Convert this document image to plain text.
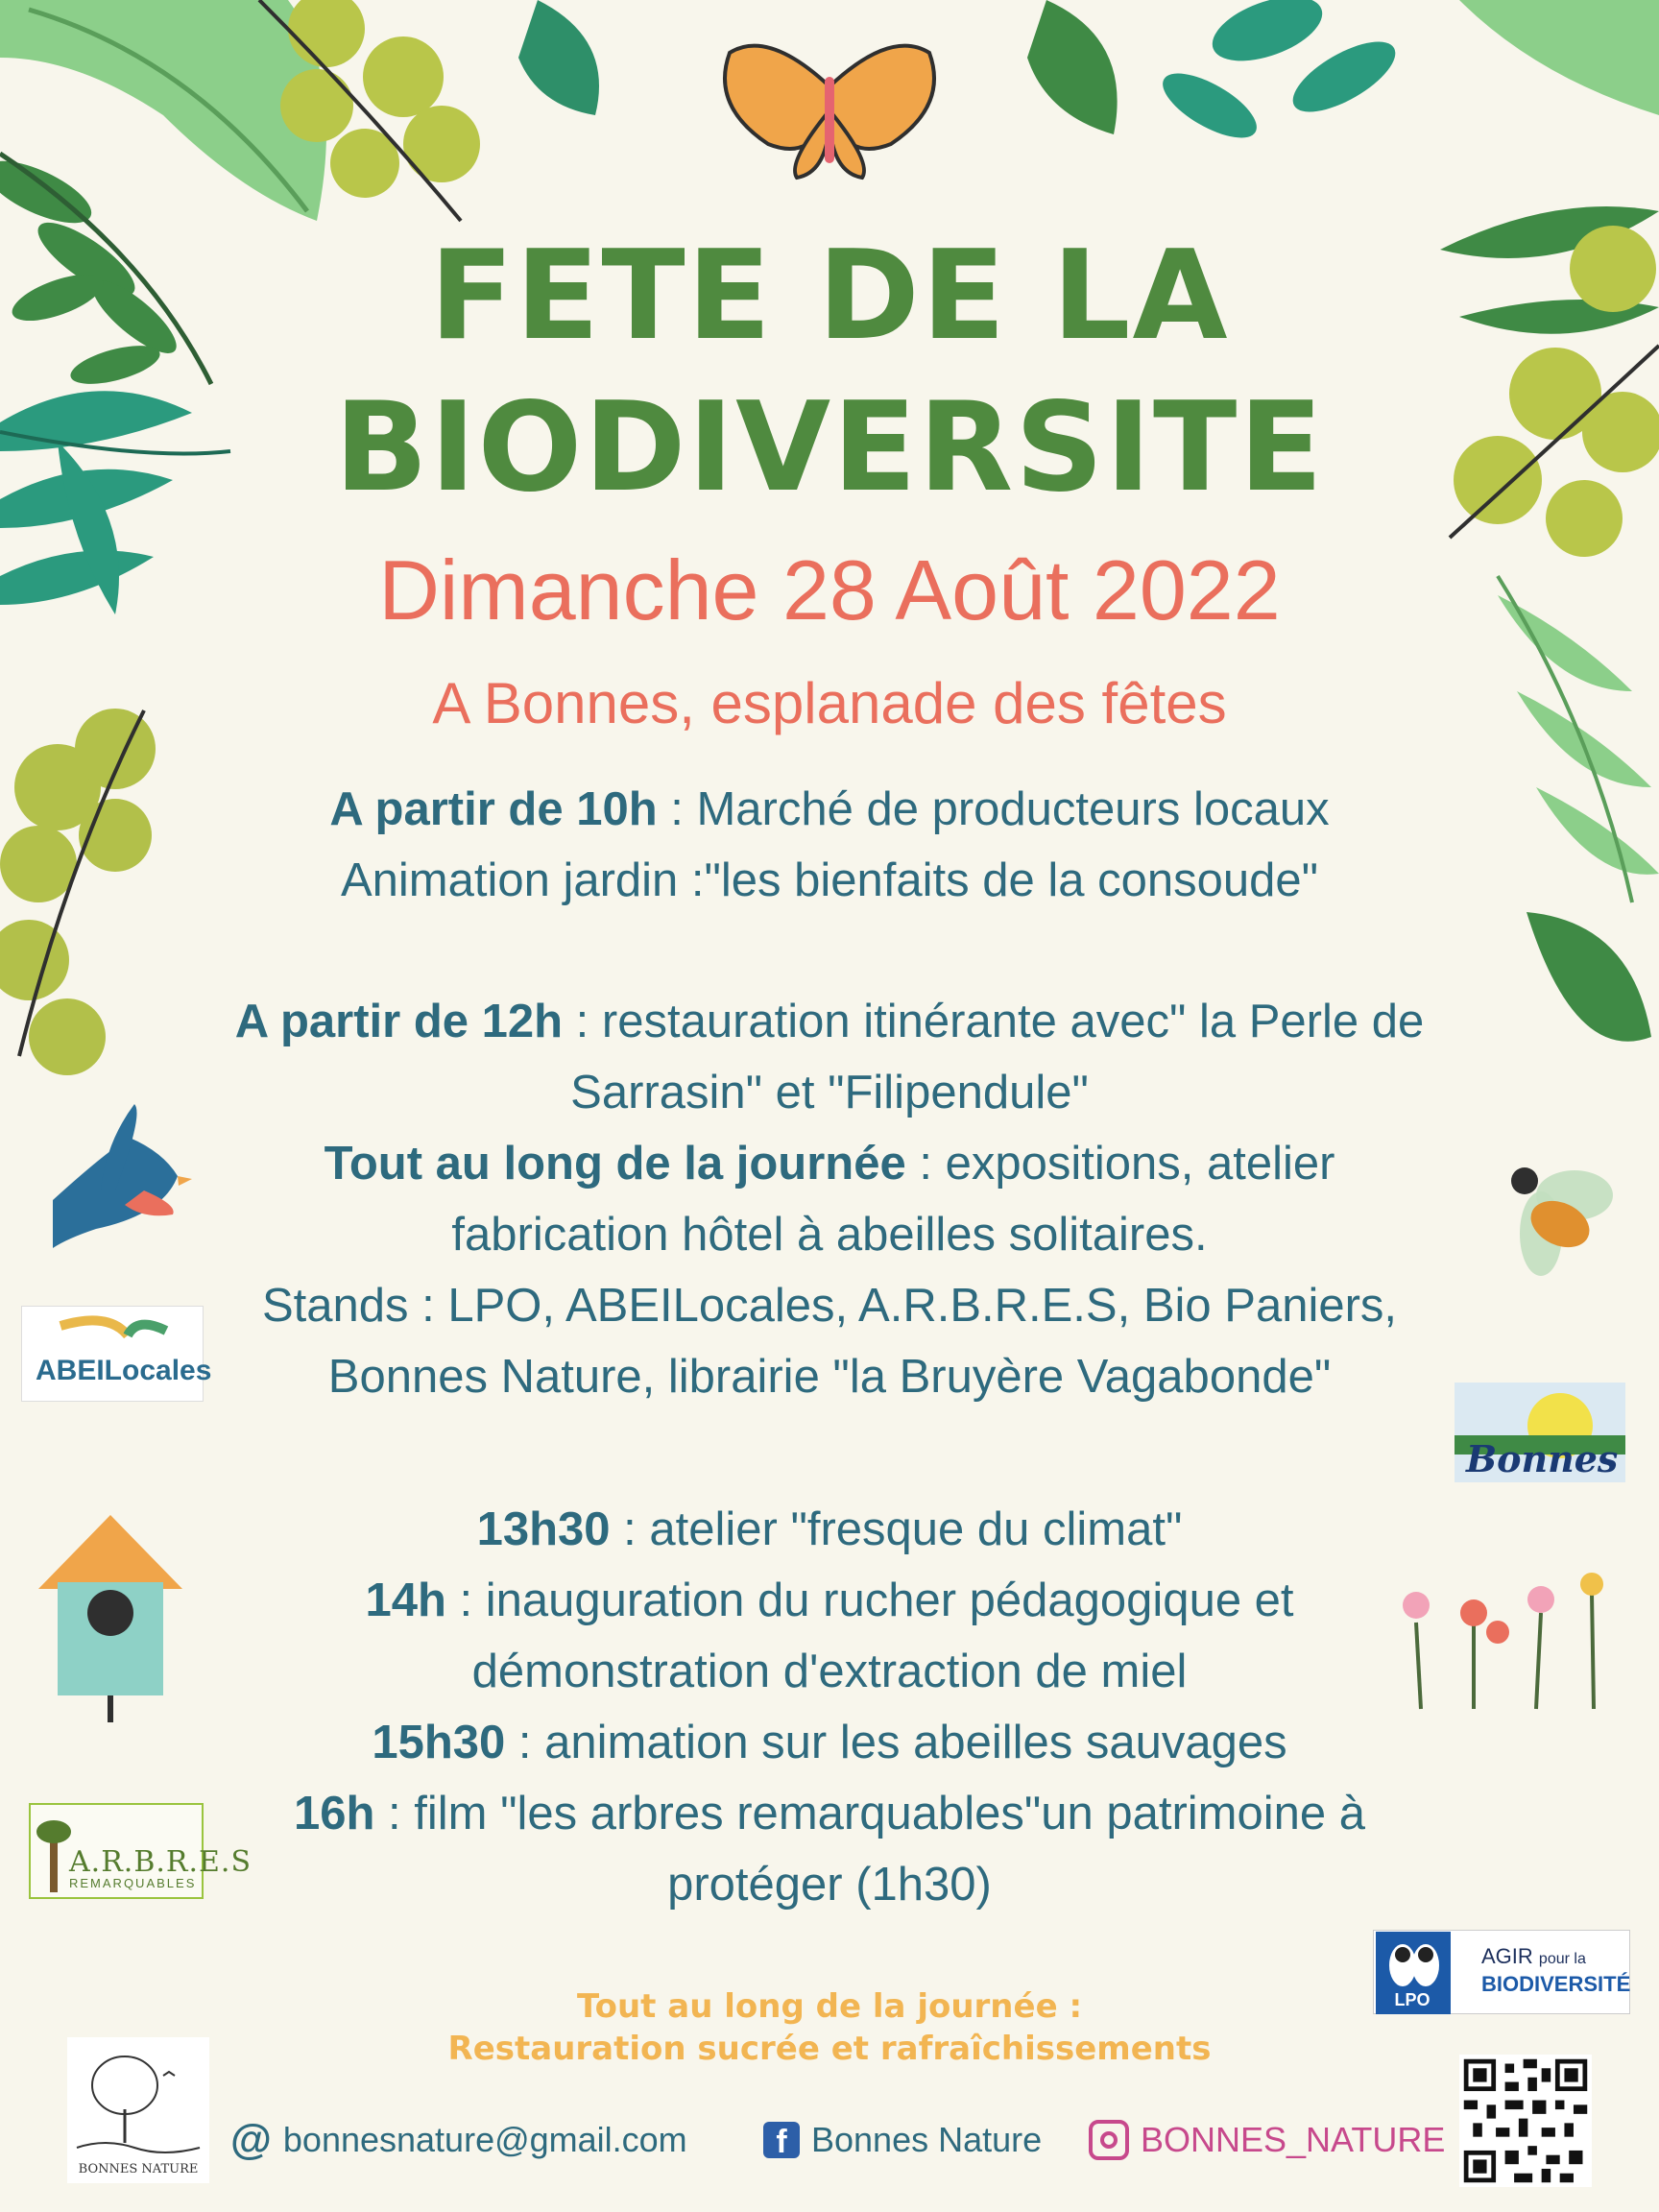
FETE DE LA
BIODIVERSITE
Dimanche 28 Août 2022
A Bonnes, esplanade des fêtes
A partir de 10h : Marché de producteurs locaux
Animation jardin :"les bienfaits de la consoude"
A partir de 12h : restauration itinérante avec" la Perle de
Sarrasin" et "Filipendule"
Tout au long de la journée : expositions, atelier
fabrication hôtel à abeilles solitaires.
Stands : LPO, ABEILocales, A.R.B.R.E.S, Bio Paniers,
Bonnes Nature, librairie "la Bruyère Vagabonde"
13h30 : atelier "fresque du climat"
14h : inauguration du rucher pédagogique et
démonstration d'extraction de miel
15h30 : animation sur les abeilles sauvages
16h : film "les arbres remarquables"un patrimoine à
protéger (1h30)
Tout au long de la journée :
Restauration sucrée et rafraîchissements
@ bonnesnature@gmail.com	f Bonnes Nature	BONNES_NATURE
ABEILocales
Bonnes
A.R.B.R.E.S
REMARQUABLES
LPO
AGIR pour la
BIODIVERSITÉ
BONNES NATURE
